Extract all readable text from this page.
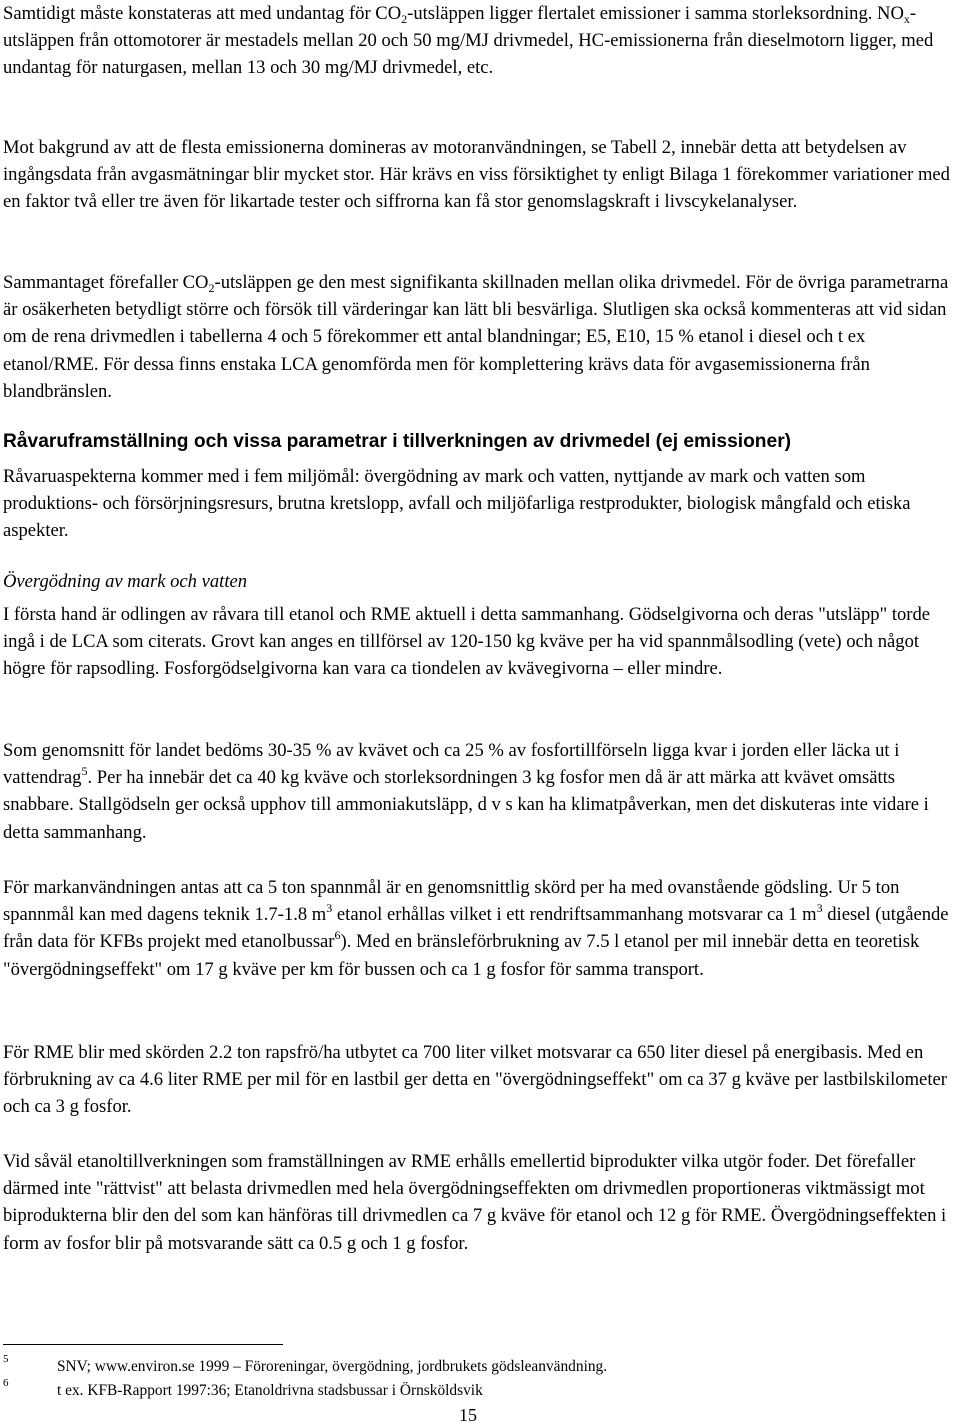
Samtidigt måste konstateras att med undantag för $CO_2$-utsläppen ligger flertalet emissioner i samma storleksordning. $NO_x$-utsläppen från ottomotorer är mestadels mellan 20 och 50 mg/MJ drivmedel, HC-emissionerna från dieselmotorn ligger, med undantag för naturgasen, mellan 13 och 30 mg/MJ drivmedel, etc.

Mot bakgrund av att de flesta emissionerna domineras av motoranvändningen, se Tabell 2, innebär detta att betydelsen av ingångsdata från avgasmätningar blir mycket stor. Här krävs en viss försiktighet ty enligt Bilaga 1 förekommer variationer med en faktor två eller tre även för likartade tester och siffrorna kan få stor genomslagskraft i livscykelanalyser.

Sammantaget förefaller $CO_2$-utsläppen ge den mest signifikanta skillnaden mellan olika drivmedel. För de övriga parametrarna är osäkerheten betydligt större och försök till värderingar kan lätt bli besvärliga. Slutligen ska också kommenteras att vid sidan om de rena drivmedlen i tabellerna 4 och 5 förekommer ett antal blandningar; E5, E10, 15 % etanol i diesel och t ex etanol/RME. För dessa finns enstaka LCA genomförda men för komplettering krävs data för avgasemissionerna från blandbränslen.

Råvaruframställning och vissa parametrar i tillverkningen av drivmedel (ej emissioner)

Råvaruaspekterna kommer med i fem miljömål: övergödning av mark och vatten, nyttjande av mark och vatten som produktions- och försörjningsresurs, brutna kretslopp, avfall och miljöfarliga restprodukter, biologisk mångfald och etiska aspekter.

Övergödning av mark och vatten

I första hand är odlingen av råvara till etanol och RME aktuell i detta sammanhang. Gödselgivorna och deras "utsläpp" torde ingå i de LCA som citerats. Grovt kan anges en tillförsel av 120-150 kg kväve per ha vid spannmålsodling (vete) och något högre för rapsodling. Fosforgödselgivorna kan vara ca tiondelen av kvävegivorna – eller mindre.

Som genomsnitt för landet bedöms 30-35 % av kvävet och ca 25 % av fosfortillförseln ligga kvar i jorden eller läcka ut i vattendrag$^5$. Per ha innebär det ca 40 kg kväve och storleksordningen 3 kg fosfor men då är att märka att kvävet omsätts snabbare. Stallgödseln ger också upphov till ammoniakutsläpp, d v s kan ha klimatpåverkan, men det diskuteras inte vidare i detta sammanhang.

För markanvändningen antas att ca 5 ton spannmål är en genomsnittlig skörd per ha med ovanstående gödsling. Ur 5 ton spannmål kan med dagens teknik 1.7-1.8 $m^3$ etanol erhållas vilket i ett rendriftsammanhang motsvarar ca 1 $m^3$ diesel (utgående från data för KFBs projekt med etanolbussar$^6$). Med en bränsleförbrukning av 7.5 l etanol per mil innebär detta en teoretisk "övergödningseffekt" om 17 g kväve per km för bussen och ca 1 g fosfor för samma transport.

För RME blir med skörden 2.2 ton rapsfrö/ha utbytet ca 700 liter vilket motsvarar ca 650 liter diesel på energibasis. Med en förbrukning av ca 4.6 liter RME per mil för en lastbil ger detta en "övergödningseffekt" om ca 37 g kväve per lastbilskilometer och ca 3 g fosfor.

Vid såväl etanoltillverkningen som framställningen av RME erhålls emellertid biprodukter vilka utgör foder. Det förefaller därmed inte "rättvist" att belasta drivmedlen med hela övergödningseffekten om drivmedlen proportioneras viktmässigt mot biprodukterna blir den del som kan hänföras till drivmedlen ca 7 g kväve för etanol och 12 g för RME. Övergödningseffekten i form av fosfor blir på motsvarande sätt ca 0.5 g och 1 g fosfor.

5	SNV; www.environ.se 1999 – Föroreningar, övergödning, jordbrukets gödsleanvändning.
6	t ex. KFB-Rapport 1997:36; Etanoldrivna stadsbussar i Örnsköldsvik
15
